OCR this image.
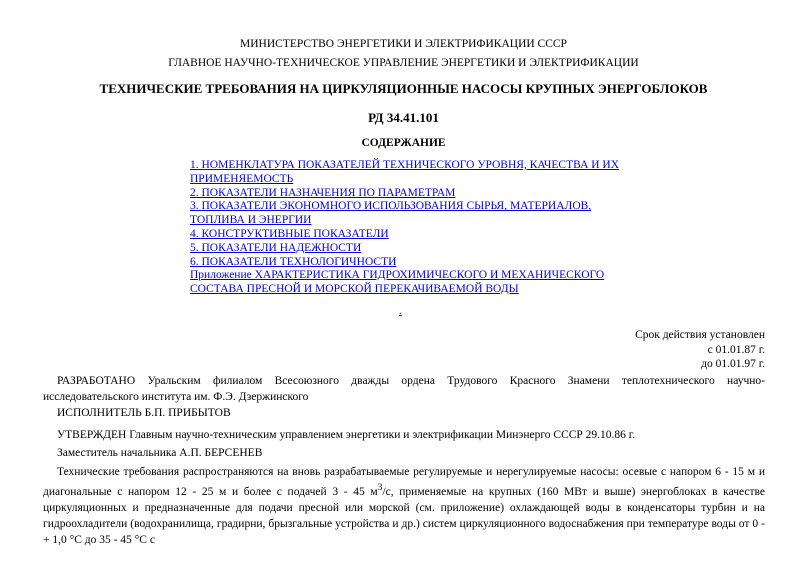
МИНИСТЕРСТВО ЭНЕРГЕТИКИ И ЭЛЕКТРИФИКАЦИИ СССР
ГЛАВНОЕ НАУЧНО-ТЕХНИЧЕСКОЕ УПРАВЛЕНИЕ ЭНЕРГЕТИКИ И ЭЛЕКТРИФИКАЦИИ
ТЕХНИЧЕСКИЕ ТРЕБОВАНИЯ НА ЦИРКУЛЯЦИОННЫЕ НАСОСЫ КРУПНЫХ ЭНЕРГОБЛОКОВ
РД 34.41.101
СОДЕРЖАНИЕ
1. НОМЕНКЛАТУРА ПОКАЗАТЕЛЕЙ ТЕХНИЧЕСКОГО УРОВНЯ, КАЧЕСТВА И ИХ ПРИМЕНЯЕМОСТЬ
2. ПОКАЗАТЕЛИ НАЗНАЧЕНИЯ ПО ПАРАМЕТРАМ
3. ПОКАЗАТЕЛИ ЭКОНОМНОГО ИСПОЛЬЗОВАНИЯ СЫРЬЯ, МАТЕРИАЛОВ, ТОПЛИВА И ЭНЕРГИИ
4. КОНСТРУКТИВНЫЕ ПОКАЗАТЕЛИ
5. ПОКАЗАТЕЛИ НАДЕЖНОСТИ
6. ПОКАЗАТЕЛИ ТЕХНОЛОГИЧНОСТИ
Приложение ХАРАКТЕРИСТИКА ГИДРОХИМИЧЕСКОГО И МЕХАНИЧЕСКОГО СОСТАВА ПРЕСНОЙ И МОРСКОЙ ПЕРЕКАЧИВАЕМОЙ ВОДЫ
.
Срок действия установлен
с 01.01.87 г.
до 01.01.97 г.
РАЗРАБОТАНО Уральским филиалом Всесоюзного дважды ордена Трудового Красного Знамени теплотехнического научно-исследовательского института им. Ф.Э. Дзержинского
ИСПОЛНИТЕЛЬ Б.П. ПРИБЫТОВ
УТВЕРЖДЕН Главным научно-техническим управлением энергетики и электрификации Минэнерго СССР 29.10.86 г.
Заместитель начальника А.П. БЕРСЕНЕВ
Технические требования распространяются на вновь разрабатываемые регулируемые и нерегулируемые насосы: осевые с напором 6 - 15 м и диагональные с напором 12 - 25 м и более с подачей 3 - 45 $м^3/с$, применяемые на крупных (160 МВт и выше) энергоблоках в качестве циркуляционных и предназначенные для подачи пресной или морской (см. приложение) охлаждающей воды в конденсаторы турбин и на гидроохладители (водохранилища, градирни, брызгальные устройства и др.) систем циркуляционного водоснабжения при температуре воды от 0 - + 1,0 °С до 35 - 45 °С с
